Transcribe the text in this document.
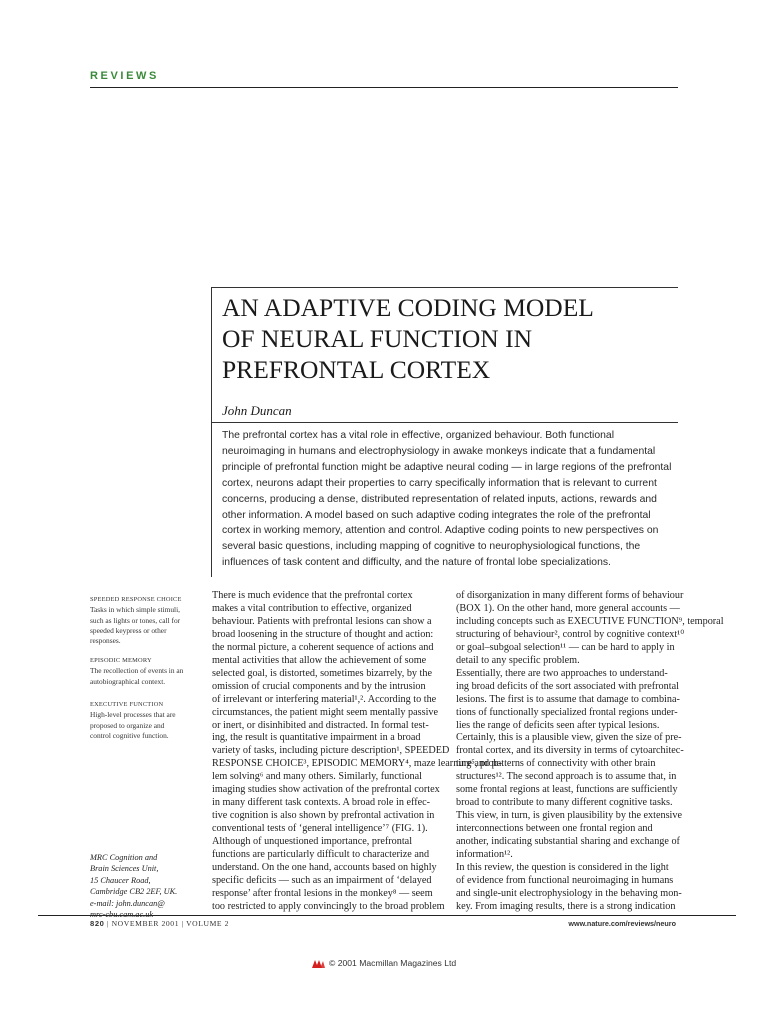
REVIEWS
AN ADAPTIVE CODING MODEL
OF NEURAL FUNCTION IN
PREFRONTAL CORTEX
John Duncan
The prefrontal cortex has a vital role in effective, organized behaviour. Both functional
neuroimaging in humans and electrophysiology in awake monkeys indicate that a fundamental
principle of prefrontal function might be adaptive neural coding — in large regions of the prefrontal
cortex, neurons adapt their properties to carry specifically information that is relevant to current
concerns, producing a dense, distributed representation of related inputs, actions, rewards and
other information. A model based on such adaptive coding integrates the role of the prefrontal
cortex in working memory, attention and control. Adaptive coding points to new perspectives on
several basic questions, including mapping of cognitive to neurophysiological functions, the
influences of task content and difficulty, and the nature of frontal lobe specializations.
SPEEDED RESPONSE CHOICE
Tasks in which simple stimuli,
such as lights or tones, call for
speeded keypress or other
responses.
EPISODIC MEMORY
The recollection of events in an
autobiographical context.
EXECUTIVE FUNCTION
High-level processes that are
proposed to organize and
control cognitive function.
MRC Cognition and
Brain Sciences Unit,
15 Chaucer Road,
Cambridge CB2 2EF, UK.
e-mail: john.duncan@
There is much evidence that the prefrontal cortex
makes a vital contribution to effective, organized
behaviour. Patients with prefrontal lesions can show a
broad loosening in the structure of thought and action:
the normal picture, a coherent sequence of actions and
mental activities that allow the achievement of some
selected goal, is distorted, sometimes bizarrely, by the
omission of crucial components and by the intrusion
of irrelevant or interfering material¹,². According to the
circumstances, the patient might seem mentally passive
or inert, or disinhibited and distracted. In formal test-
ing, the result is quantitative impairment in a broad
variety of tasks, including picture description¹, SPEEDED
RESPONSE CHOICE³, EPISODIC MEMORY⁴, maze learning⁵, prob-
lem solving⁶ and many others. Similarly, functional
imaging studies show activation of the prefrontal cortex
in many different task contexts. A broad role in effec-
tive cognition is also shown by prefrontal activation in
conventional tests of ‘general intelligence’⁷ (FIG. 1).
Although of unquestioned importance, prefrontal
functions are particularly difficult to characterize and
understand. On the one hand, accounts based on highly
specific deficits — such as an impairment of ‘delayed
response’ after frontal lesions in the monkey⁸ — seem
too restricted to apply convincingly to the broad problem
of disorganization in many different forms of behaviour
(BOX 1). On the other hand, more general accounts —
including concepts such as EXECUTIVE FUNCTION⁹, temporal
structuring of behaviour², control by cognitive context¹⁰
or goal–subgoal selection¹¹ — can be hard to apply in
detail to any specific problem.
Essentially, there are two approaches to understand-
ing broad deficits of the sort associated with prefrontal
lesions. The first is to assume that damage to combina-
tions of functionally specialized frontal regions under-
lies the range of deficits seen after typical lesions.
Certainly, this is a plausible view, given the size of pre-
frontal cortex, and its diversity in terms of cytoarchitec-
ture and patterns of connectivity with other brain
structures¹². The second approach is to assume that, in
some frontal regions at least, functions are sufficiently
broad to contribute to many different cognitive tasks.
This view, in turn, is given plausibility by the extensive
interconnections between one frontal region and
another, indicating substantial sharing and exchange of
information¹².
In this review, the question is considered in the light
of evidence from functional neuroimaging in humans
and single-unit electrophysiology in the behaving mon-
key. From imaging results, there is a strong indication
820 | NOVEMBER 2001 | VOLUME 2	www.nature.com/reviews/neuro
© 2001 Macmillan Magazines Ltd
